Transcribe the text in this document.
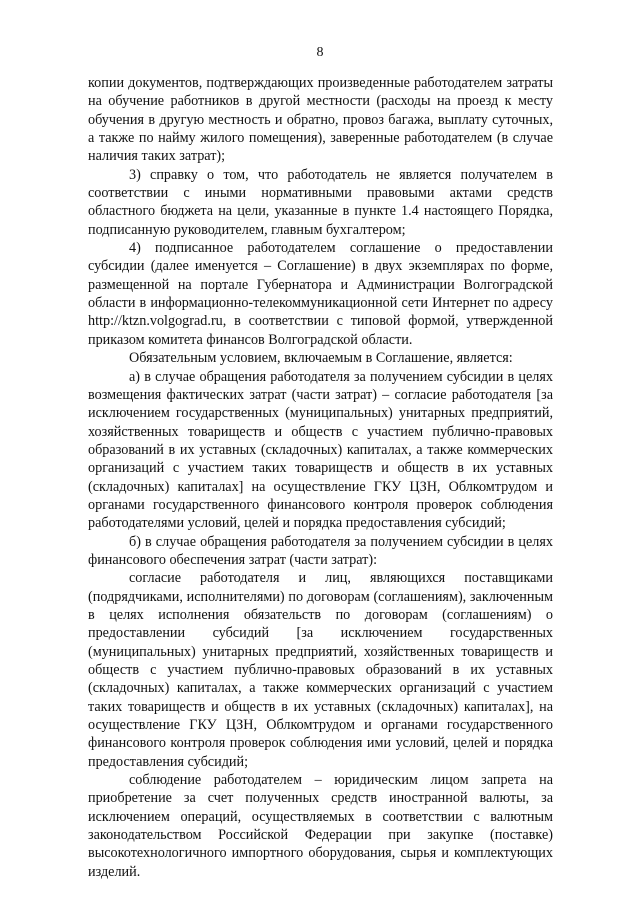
8

копии документов, подтверждающих произведенные работодателем затраты на обучение работников в другой местности (расходы на проезд к месту обучения в другую местность и обратно, провоз багажа, выплату суточных, а также по найму жилого помещения), заверенные работодателем (в случае наличия таких затрат);

3) справку о том, что работодатель не является получателем в соответствии с иными нормативными правовыми актами средств областного бюджета на цели, указанные в пункте 1.4 настоящего Порядка, подписанную руководителем, главным бухгалтером;

4) подписанное работодателем соглашение о предоставлении субсидии (далее именуется – Соглашение) в двух экземплярах по форме, размещенной на портале Губернатора и Администрации Волгоградской области в информационно-телекоммуникационной сети Интернет по адресу http://ktzn.volgograd.ru, в соответствии с типовой формой, утвержденной приказом комитета финансов Волгоградской области.

Обязательным условием, включаемым в Соглашение, является:

а) в случае обращения работодателя за получением субсидии в целях возмещения фактических затрат (части затрат) – согласие работодателя [за исключением государственных (муниципальных) унитарных предприятий, хозяйственных товариществ и обществ с участием публично-правовых образований в их уставных (складочных) капиталах, а также коммерческих организаций с участием таких товариществ и обществ в их уставных (складочных) капиталах] на осуществление ГКУ ЦЗН, Облкомтрудом и органами государственного финансового контроля проверок соблюдения работодателями условий, целей и порядка предоставления субсидий;

б) в случае обращения работодателя за получением субсидии в целях финансового обеспечения затрат (части затрат):

согласие работодателя и лиц, являющихся поставщиками (подрядчиками, исполнителями) по договорам (соглашениям), заключенным в целях исполнения обязательств по договорам (соглашениям) о предоставлении субсидий [за исключением государственных (муниципальных) унитарных предприятий, хозяйственных товариществ и обществ с участием публично-правовых образований в их уставных (складочных) капиталах, а также коммерческих организаций с участием таких товариществ и обществ в их уставных (складочных) капиталах], на осуществление ГКУ ЦЗН, Облкомтрудом и органами государственного финансового контроля проверок соблюдения ими условий, целей и порядка предоставления субсидий;

соблюдение работодателем – юридическим лицом запрета на приобретение за счет полученных средств иностранной валюты, за исключением операций, осуществляемых в соответствии с валютным законодательством Российской Федерации при закупке (поставке) высокотехнологичного импортного оборудования, сырья и комплектующих изделий.
